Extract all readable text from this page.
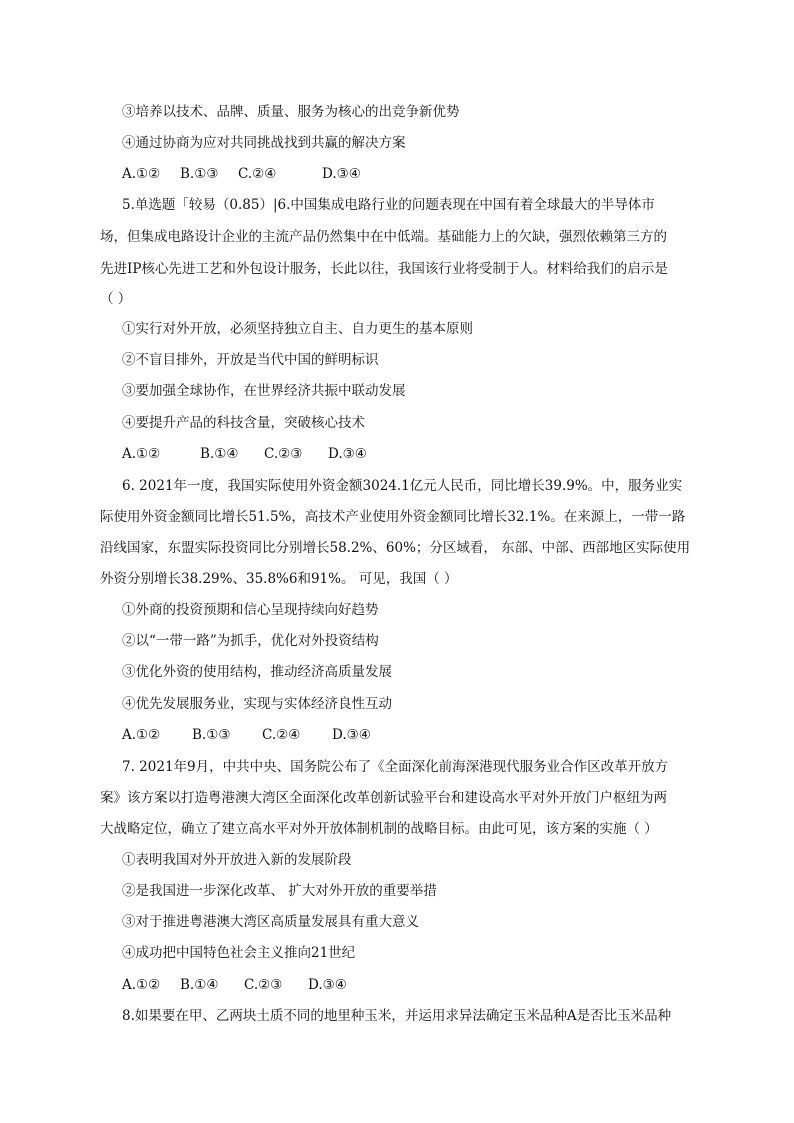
③培养以技术、品牌、质量、服务为核心的出竞争新优势
④通过协商为应对共同挑战找到共赢的解决方案
A.①② B.①③ C.②④	D.③④
5.单选题「较易（0.85）|6.中国集成电路行业的问题表现在中国有着全球最大的半导体市
场，但集成电路设计企业的主流产品仍然集中在中低端。基础能力上的欠缺，强烈依赖第三方的
先进IP核心先进工艺和外包设计服务，长此以往，我国该行业将受制于人。材料给我们的启示是
（ ）
①实行对外开放，必须坚持独立自主、自力更生的基本原则
②不盲目排外，开放是当代中国的鲜明标识
③要加强全球协作，在世界经济共振中联动发展
④要提升产品的科技含量，突破核心技术
A.①②	B.①④ C.②③ D.③④
6. 2021年一度，我国实际使用外资金额3024.1亿元人民币，同比增长39.9%。中，服务业实
际使用外资金额同比增长51.5%，高技术产业使用外资金额同比增长32.1%。在来源上，一带一路
沿线国家，东盟实际投资同比分别增长58.2%、60%；分区域看， 东部、中部、西部地区实际使用
外资分别增长38.29%、35.8%6和91%。 可见，我国（ ）
①外商的投资预期和信心呈现持续向好趋势
②以“一带一路”为抓手，优化对外投资结构
③优化外资的使用结构，推动经济高质量发展
④优先发展服务业，实现与实体经济良性互动
A.①② B.①③ C.②④ D.③④
7. 2021年9月，中共中央、国务院公布了《全面深化前海深港现代服务业合作区改革开放方
案》该方案以打造粤港澳大湾区全面深化改革创新试验平台和建设高水平对外开放门户枢纽为两
大战略定位，确立了建立高水平对外开放体制机制的战略目标。由此可见，该方案的实施（ ）
①表明我国对外开放进入新的发展阶段
②是我国进一步深化改革、 扩大对外开放的重要举措
③对于推进粤港澳大湾区高质量发展具有重大意义
④成功把中国特色社会主义推向21世纪
A.①② B.①④ C.②③ D.③④
8.如果要在甲、乙两块土质不同的地里种玉米，并运用求异法确定玉米品种A是否比玉米品种
